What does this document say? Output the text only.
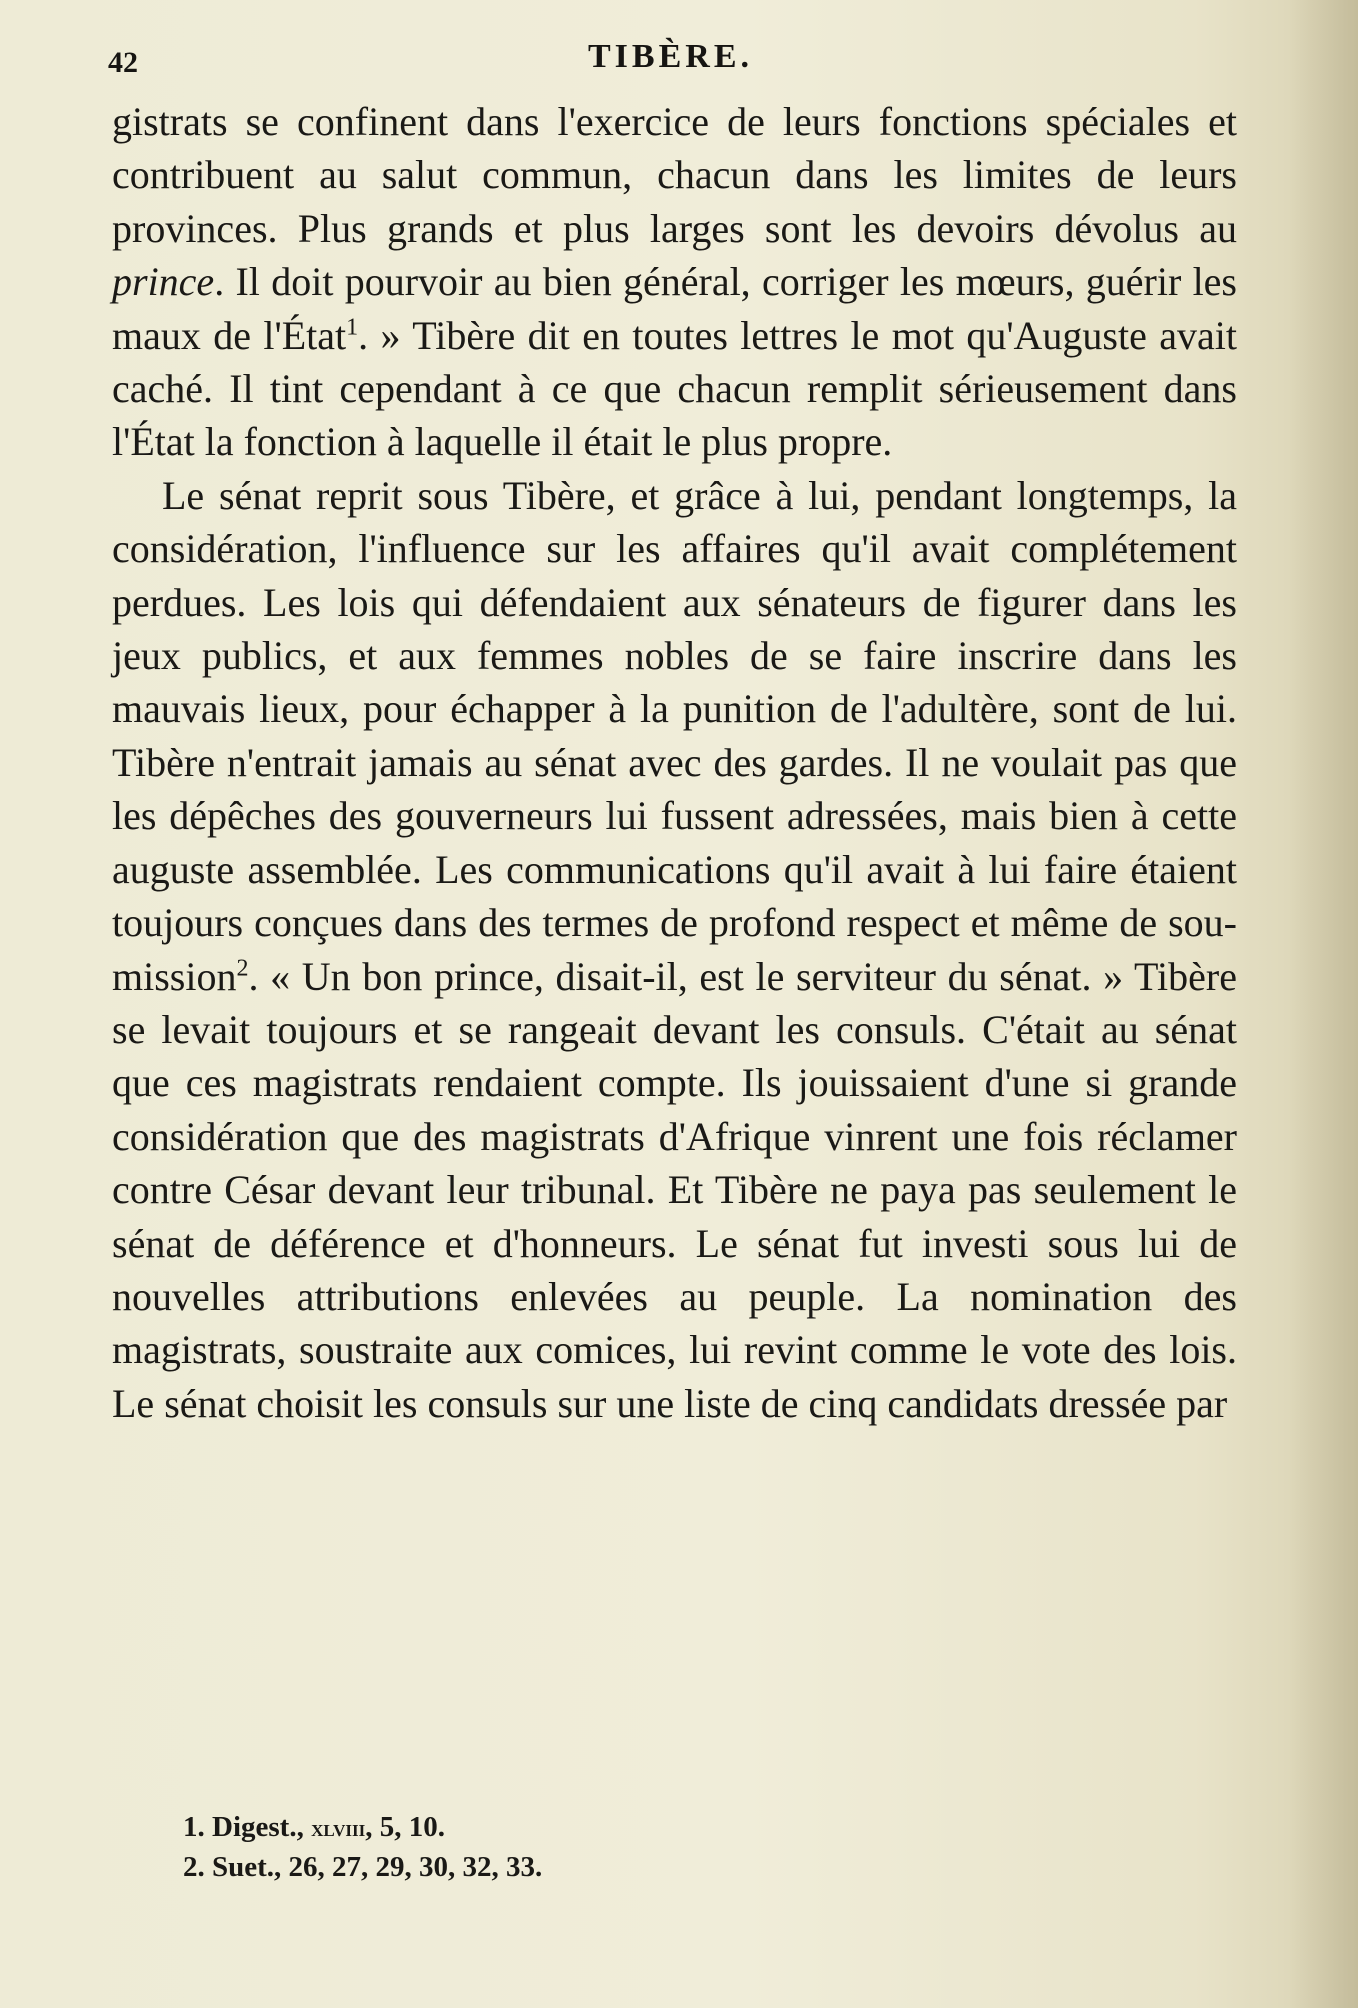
42	TIBÈRE.

gistrats se confinent dans l'exercice de leurs fonctions spéciales et contribuent au salut commun, chacun dans les limites de leurs provinces. Plus grands et plus larges sont les devoirs dévolus au prince. Il doit pourvoir au bien général, corriger les mœurs, guérir les maux de l'État$^1$. » Tibère dit en toutes lettres le mot qu'Auguste avait caché. Il tint cependant à ce que chacun remplit sérieusement dans l'État la fonction à laquelle il était le plus propre.

Le sénat reprit sous Tibère, et grâce à lui, pendant longtemps, la considération, l'influence sur les affaires qu'il avait complétement perdues. Les lois qui défendaient aux sénateurs de figurer dans les jeux publics, et aux femmes nobles de se faire inscrire dans les mauvais lieux, pour échapper à la punition de l'adultère, sont de lui. Tibère n'entrait jamais au sénat avec des gardes. Il ne voulait pas que les dépêches des gouverneurs lui fussent adressées, mais bien à cette auguste assemblée. Les communications qu'il avait à lui faire étaient toujours conçues dans des termes de profond respect et même de soumission$^2$. « Un bon prince, disait-il, est le serviteur du sénat. » Tibère se levait toujours et se rangeait devant les consuls. C'était au sénat que ces magistrats rendaient compte. Ils jouissaient d'une si grande considération que des magistrats d'Afrique vinrent une fois réclamer contre César devant leur tribunal. Et Tibère ne paya pas seulement le sénat de déférence et d'honneurs. Le sénat fut investi sous lui de nouvelles attributions enlevées au peuple. La nomination des magistrats, soustraite aux comices, lui revint comme le vote des lois. Le sénat choisit les consuls sur une liste de cinq candidats dressée par

1. Digest., xlviii, 5, 10.
2. Suet., 26, 27, 29, 30, 32, 33.
